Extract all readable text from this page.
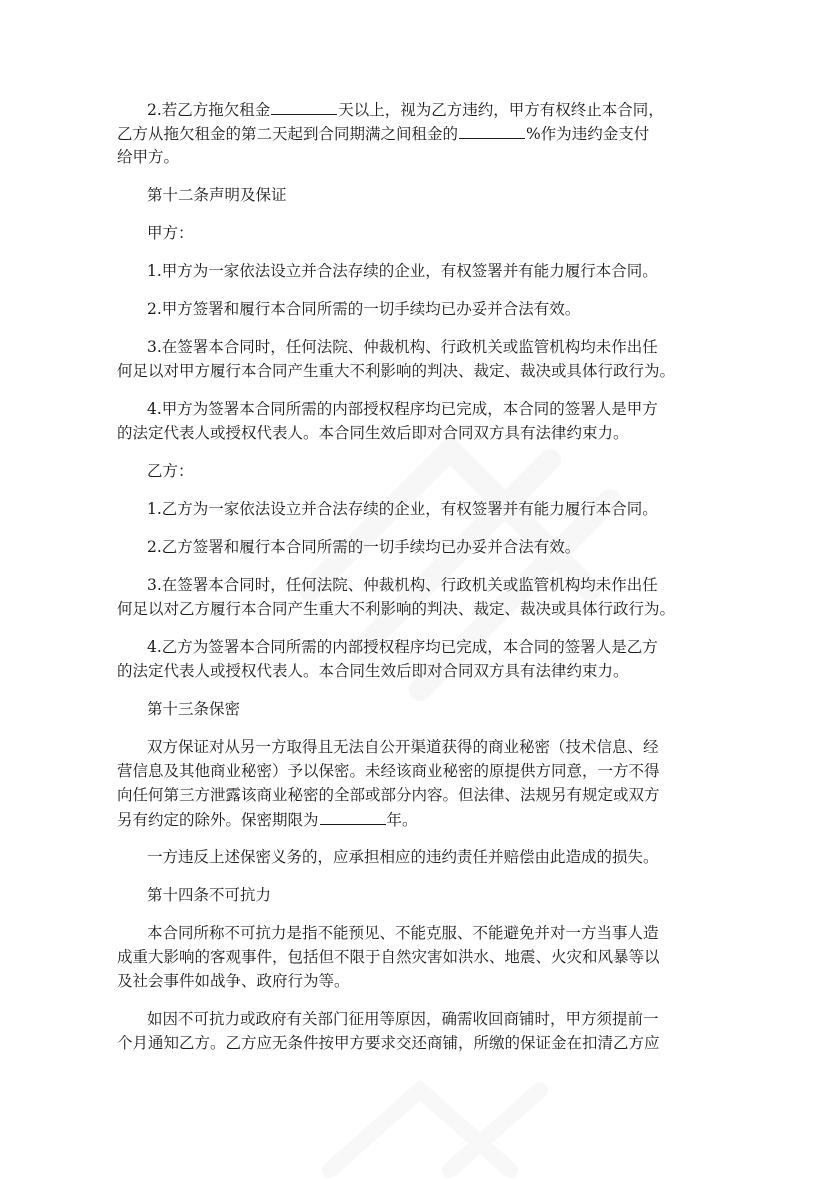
2.若乙方拖欠租金	天以上，视为乙方违约，甲方有权终止本合同，
乙方从拖欠租金的第二天起到合同期满之间租金的	%作为违约金支付
给甲方。
第十二条声明及保证
甲方：
1.甲方为一家依法设立并合法存续的企业，有权签署并有能力履行本合同。
2.甲方签署和履行本合同所需的一切手续均已办妥并合法有效。
3.在签署本合同时，任何法院、仲裁机构、行政机关或监管机构均未作出任
何足以对甲方履行本合同产生重大不利影响的判决、裁定、裁决或具体行政行为。
4.甲方为签署本合同所需的内部授权程序均已完成，本合同的签署人是甲方
的法定代表人或授权代表人。本合同生效后即对合同双方具有法律约束力。
乙方：
1.乙方为一家依法设立并合法存续的企业，有权签署并有能力履行本合同。
2.乙方签署和履行本合同所需的一切手续均已办妥并合法有效。
3.在签署本合同时，任何法院、仲裁机构、行政机关或监管机构均未作出任
何足以对乙方履行本合同产生重大不利影响的判决、裁定、裁决或具体行政行为。
4.乙方为签署本合同所需的内部授权程序均已完成，本合同的签署人是乙方
的法定代表人或授权代表人。本合同生效后即对合同双方具有法律约束力。
第十三条保密
双方保证对从另一方取得且无法自公开渠道获得的商业秘密（技术信息、经
营信息及其他商业秘密）予以保密。未经该商业秘密的原提供方同意，一方不得
向任何第三方泄露该商业秘密的全部或部分内容。但法律、法规另有规定或双方
另有约定的除外。保密期限为	年。
一方违反上述保密义务的，应承担相应的违约责任并赔偿由此造成的损失。
第十四条不可抗力
本合同所称不可抗力是指不能预见、不能克服、不能避免并对一方当事人造
成重大影响的客观事件，包括但不限于自然灾害如洪水、地震、火灾和风暴等以
及社会事件如战争、政府行为等。
如因不可抗力或政府有关部门征用等原因，确需收回商铺时，甲方须提前一
个月通知乙方。乙方应无条件按甲方要求交还商铺，所缴的保证金在扣清乙方应
